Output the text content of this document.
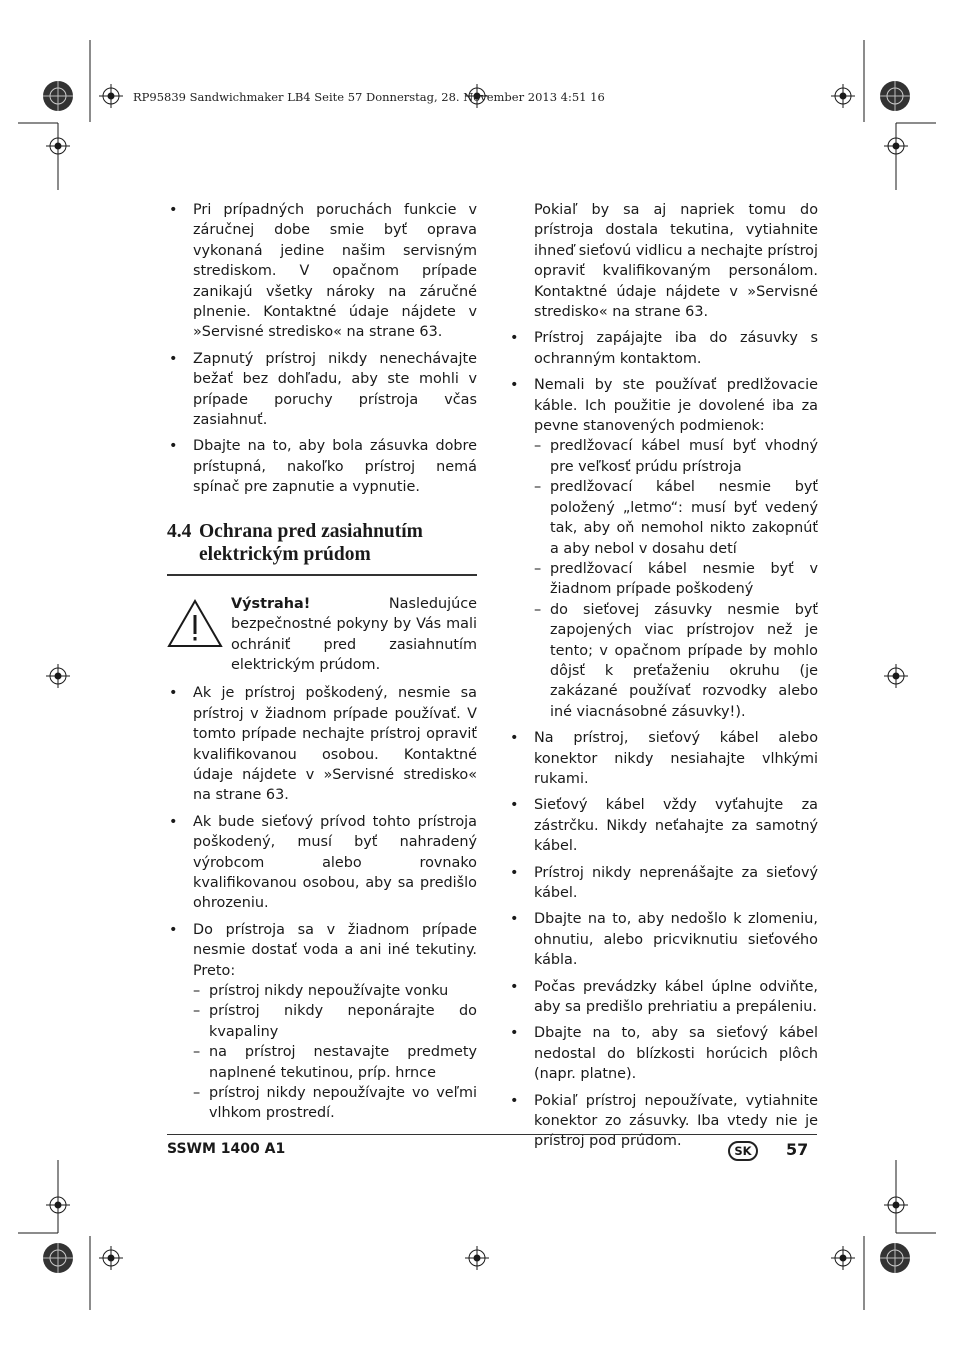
RP95839 Sandwichmaker LB4 Seite 57 Donnerstag, 28. November 2013 4:51 16
• Pri prípadných poruchách funkcie v záručnej dobe smie byť oprava vykonaná jedine našim servisným strediskom. V opačnom prípade zanikajú všetky nároky na záručné plnenie. Kontaktné údaje nájdete v »Servisné stredisko« na strane 63.
• Zapnutý prístroj nikdy nenechávajte bežať bez dohľadu, aby ste mohli v prípade poruchy prístroja včas zasiahnuť.
• Dbajte na to, aby bola zásuvka dobre prístupná, nakoľko prístroj nemá spínač pre zapnutie a vypnutie.
4.4 Ochrana pred zasiahnutím
elektrickým prúdom
Výstraha!	Nasledujúce bezpečnostné pokyny by Vás mali ochrániť pred zasiahnutím elektrickým prúdom.
• Ak je prístroj poškodený, nesmie sa prístroj v žiadnom prípade používať. V tomto prípade nechajte prístroj opraviť kvalifikovanou osobou. Kontaktné údaje nájdete v »Servisné stredisko« na strane 63.
• Ak bude sieťový prívod tohto prístroja poškodený, musí byť nahradený výrobcom alebo rovnako kvalifikovanou osobou, aby sa predišlo ohrozeniu.
• Do prístroja sa v žiadnom prípade nesmie dostať voda a ani iné tekutiny. Preto:
– prístroj nikdy nepoužívajte vonku
– prístroj nikdy neponárajte do kvapaliny
– na prístroj nestavajte predmety naplnené tekutinou, príp. hrnce
– prístroj nikdy nepoužívajte vo veľmi vlhkom prostredí.
Pokiaľ by sa aj napriek tomu do prístroja dostala tekutina, vytiahnite ihneď sieťovú vidlicu a nechajte prístroj opraviť kvalifikovaným personálom. Kontaktné údaje nájdete v »Servisné stredisko« na strane 63.
• Prístroj zapájajte iba do zásuvky s ochranným kontaktom.
• Nemali by ste používať predlžovacie káble. Ich použitie je dovolené iba za pevne stanovených podmienok:
– predlžovací kábel musí byť vhodný pre veľkosť prúdu prístroja
– predlžovací kábel nesmie byť položený „letmo“: musí byť vedený tak, aby oň nemohol nikto zakopnúť a aby nebol v dosahu detí
– predlžovací kábel nesmie byť v žiadnom prípade poškodený
– do sieťovej zásuvky nesmie byť zapojených viac prístrojov než je tento; v opačnom prípade by mohlo dôjsť k preťaženiu okruhu (je zakázané používať rozvodky alebo iné viacnásobné zásuvky!).
• Na prístroj, sieťový kábel alebo konektor nikdy nesiahajte vlhkými rukami.
• Sieťový kábel vždy vyťahujte za zástrčku. Nikdy neťahajte za samotný kábel.
• Prístroj nikdy neprenášajte za sieťový kábel.
• Dbajte na to, aby nedošlo k zlomeniu, ohnutiu, alebo pricviknutiu sieťového kábla.
• Počas prevádzky kábel úplne odviňte, aby sa predišlo prehriatiu a prepáleniu.
• Dbajte na to, aby sa sieťový kábel nedostal do blízkosti horúcich plôch (napr. platne).
• Pokiaľ prístroj nepoužívate, vytiahnite konektor zo zásuvky. Iba vtedy nie je prístroj pod prúdom.
SSWM 1400 A1	SK	57
